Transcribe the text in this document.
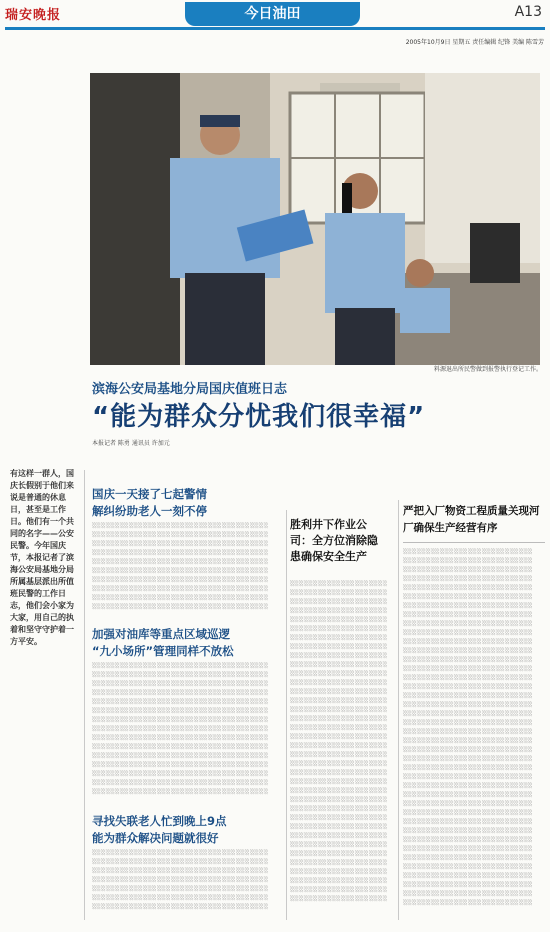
瑞安晚报	今日油田	A13
2005年10月9日 星期五 责任编辑 纪锋 美编 陈雪芳
料源退出所民警做到报警执行登记工作。
滨海公安局基地分局国庆值班日志
“能为群众分忧我们很幸福”
本报记者 陈勇 通讯员 许加元
有这样一群人，国庆长假别于他们来说是普通的休息日，甚至是工作日。他们有一个共同的名字——公安民警。今年国庆节，本报记者了滨海公安局基地分局所属基层派出所值班民警的工作日志，他们会小家为大家，用自己的执着和坚守守护着一方平安。
国庆一天接了七起警情
解纠纷助老人一刻不停
░░░░░░░░░░░░░░░░░░░░░░░░░░░░░░░░░░░░░░ ░░░░░░░░░░░░░░░░░░░░░░░░░░░░░░░░░░░░░░ ░░░░░░░░░░░░░░░░░░░░░░░░░░░░░░░░░░░░░░ ░░░░░░░░░░░░░░░░░░░░░░░░░░░░░░░░░░░░░░ ░░░░░░░░░░░░░░░░░░░░░░░░░░░░░░░░░░░░░░ ░░░░░░░░░░░░░░░░░░░░░░░░░░░░░░░░░░░░░░ ░░░░░░░░░░░░░░░░░░░░░░░░░░░░░░░░░░░░░░ ░░░░░░░░░░░░░░░░░░░░░░░░░░░░░░░░░░░░░░ ░░░░░░░░░░░░░░░░░░░░░░░░░░░░░░░░░░░░░░ ░░░░░░░░░░░░░░░░░░░░░░░░░░░░░░░░░░░░░░
加强对油库等重点区域巡逻
“九小场所”管理同样不放松
░░░░░░░░░░░░░░░░░░░░░░░░░░░░░░░░░░░░░░ ░░░░░░░░░░░░░░░░░░░░░░░░░░░░░░░░░░░░░░ ░░░░░░░░░░░░░░░░░░░░░░░░░░░░░░░░░░░░░░ ░░░░░░░░░░░░░░░░░░░░░░░░░░░░░░░░░░░░░░ ░░░░░░░░░░░░░░░░░░░░░░░░░░░░░░░░░░░░░░ ░░░░░░░░░░░░░░░░░░░░░░░░░░░░░░░░░░░░░░ ░░░░░░░░░░░░░░░░░░░░░░░░░░░░░░░░░░░░░░ ░░░░░░░░░░░░░░░░░░░░░░░░░░░░░░░░░░░░░░ ░░░░░░░░░░░░░░░░░░░░░░░░░░░░░░░░░░░░░░ ░░░░░░░░░░░░░░░░░░░░░░░░░░░░░░░░░░░░░░ ░░░░░░░░░░░░░░░░░░░░░░░░░░░░░░░░░░░░░░ ░░░░░░░░░░░░░░░░░░░░░░░░░░░░░░░░░░░░░░ ░░░░░░░░░░░░░░░░░░░░░░░░░░░░░░░░░░░░░░ ░░░░░░░░░░░░░░░░░░░░░░░░░░░░░░░░░░░░░░ ░░░░░░░░░░░░░░░░░░░░░░░░░░░░░░░░░░░░░░
寻找失联老人忙到晚上9点
能为群众解决问题就很好
░░░░░░░░░░░░░░░░░░░░░░░░░░░░░░░░░░░░░░ ░░░░░░░░░░░░░░░░░░░░░░░░░░░░░░░░░░░░░░ ░░░░░░░░░░░░░░░░░░░░░░░░░░░░░░░░░░░░░░ ░░░░░░░░░░░░░░░░░░░░░░░░░░░░░░░░░░░░░░ ░░░░░░░░░░░░░░░░░░░░░░░░░░░░░░░░░░░░░░ ░░░░░░░░░░░░░░░░░░░░░░░░░░░░░░░░░░░░░░ ░░░░░░░░░░░░░░░░░░░░░░░░░░░░░░░░░░░░░░
胜利井下作业公司：全方位消除隐患确保安全生产
░░░░░░░░░░░░░░░░░░░░░ ░░░░░░░░░░░░░░░░░░░░░ ░░░░░░░░░░░░░░░░░░░░░ ░░░░░░░░░░░░░░░░░░░░░ ░░░░░░░░░░░░░░░░░░░░░ ░░░░░░░░░░░░░░░░░░░░░ ░░░░░░░░░░░░░░░░░░░░░ ░░░░░░░░░░░░░░░░░░░░░ ░░░░░░░░░░░░░░░░░░░░░ ░░░░░░░░░░░░░░░░░░░░░ ░░░░░░░░░░░░░░░░░░░░░ ░░░░░░░░░░░░░░░░░░░░░ ░░░░░░░░░░░░░░░░░░░░░ ░░░░░░░░░░░░░░░░░░░░░ ░░░░░░░░░░░░░░░░░░░░░ ░░░░░░░░░░░░░░░░░░░░░ ░░░░░░░░░░░░░░░░░░░░░ ░░░░░░░░░░░░░░░░░░░░░ ░░░░░░░░░░░░░░░░░░░░░ ░░░░░░░░░░░░░░░░░░░░░ ░░░░░░░░░░░░░░░░░░░░░ ░░░░░░░░░░░░░░░░░░░░░ ░░░░░░░░░░░░░░░░░░░░░ ░░░░░░░░░░░░░░░░░░░░░ ░░░░░░░░░░░░░░░░░░░░░ ░░░░░░░░░░░░░░░░░░░░░ ░░░░░░░░░░░░░░░░░░░░░ ░░░░░░░░░░░░░░░░░░░░░ ░░░░░░░░░░░░░░░░░░░░░ ░░░░░░░░░░░░░░░░░░░░░ ░░░░░░░░░░░░░░░░░░░░░ ░░░░░░░░░░░░░░░░░░░░░ ░░░░░░░░░░░░░░░░░░░░░ ░░░░░░░░░░░░░░░░░░░░░ ░░░░░░░░░░░░░░░░░░░░░ ░░░░░░░░░░░░░░░░░░░░░
严把入厂物资工程质量关现河厂确保生产经营有序
░░░░░░░░░░░░░░░░░░░░░░░░░░░░ ░░░░░░░░░░░░░░░░░░░░░░░░░░░░ ░░░░░░░░░░░░░░░░░░░░░░░░░░░░ ░░░░░░░░░░░░░░░░░░░░░░░░░░░░ ░░░░░░░░░░░░░░░░░░░░░░░░░░░░ ░░░░░░░░░░░░░░░░░░░░░░░░░░░░ ░░░░░░░░░░░░░░░░░░░░░░░░░░░░ ░░░░░░░░░░░░░░░░░░░░░░░░░░░░ ░░░░░░░░░░░░░░░░░░░░░░░░░░░░ ░░░░░░░░░░░░░░░░░░░░░░░░░░░░ ░░░░░░░░░░░░░░░░░░░░░░░░░░░░ ░░░░░░░░░░░░░░░░░░░░░░░░░░░░ ░░░░░░░░░░░░░░░░░░░░░░░░░░░░ ░░░░░░░░░░░░░░░░░░░░░░░░░░░░ ░░░░░░░░░░░░░░░░░░░░░░░░░░░░ ░░░░░░░░░░░░░░░░░░░░░░░░░░░░ ░░░░░░░░░░░░░░░░░░░░░░░░░░░░ ░░░░░░░░░░░░░░░░░░░░░░░░░░░░ ░░░░░░░░░░░░░░░░░░░░░░░░░░░░ ░░░░░░░░░░░░░░░░░░░░░░░░░░░░ ░░░░░░░░░░░░░░░░░░░░░░░░░░░░ ░░░░░░░░░░░░░░░░░░░░░░░░░░░░ ░░░░░░░░░░░░░░░░░░░░░░░░░░░░ ░░░░░░░░░░░░░░░░░░░░░░░░░░░░ ░░░░░░░░░░░░░░░░░░░░░░░░░░░░ ░░░░░░░░░░░░░░░░░░░░░░░░░░░░ ░░░░░░░░░░░░░░░░░░░░░░░░░░░░ ░░░░░░░░░░░░░░░░░░░░░░░░░░░░ ░░░░░░░░░░░░░░░░░░░░░░░░░░░░ ░░░░░░░░░░░░░░░░░░░░░░░░░░░░ ░░░░░░░░░░░░░░░░░░░░░░░░░░░░ ░░░░░░░░░░░░░░░░░░░░░░░░░░░░ ░░░░░░░░░░░░░░░░░░░░░░░░░░░░ ░░░░░░░░░░░░░░░░░░░░░░░░░░░░ ░░░░░░░░░░░░░░░░░░░░░░░░░░░░ ░░░░░░░░░░░░░░░░░░░░░░░░░░░░ ░░░░░░░░░░░░░░░░░░░░░░░░░░░░ ░░░░░░░░░░░░░░░░░░░░░░░░░░░░ ░░░░░░░░░░░░░░░░░░░░░░░░░░░░ ░░░░░░░░░░░░░░░░░░░░░░░░░░░░
